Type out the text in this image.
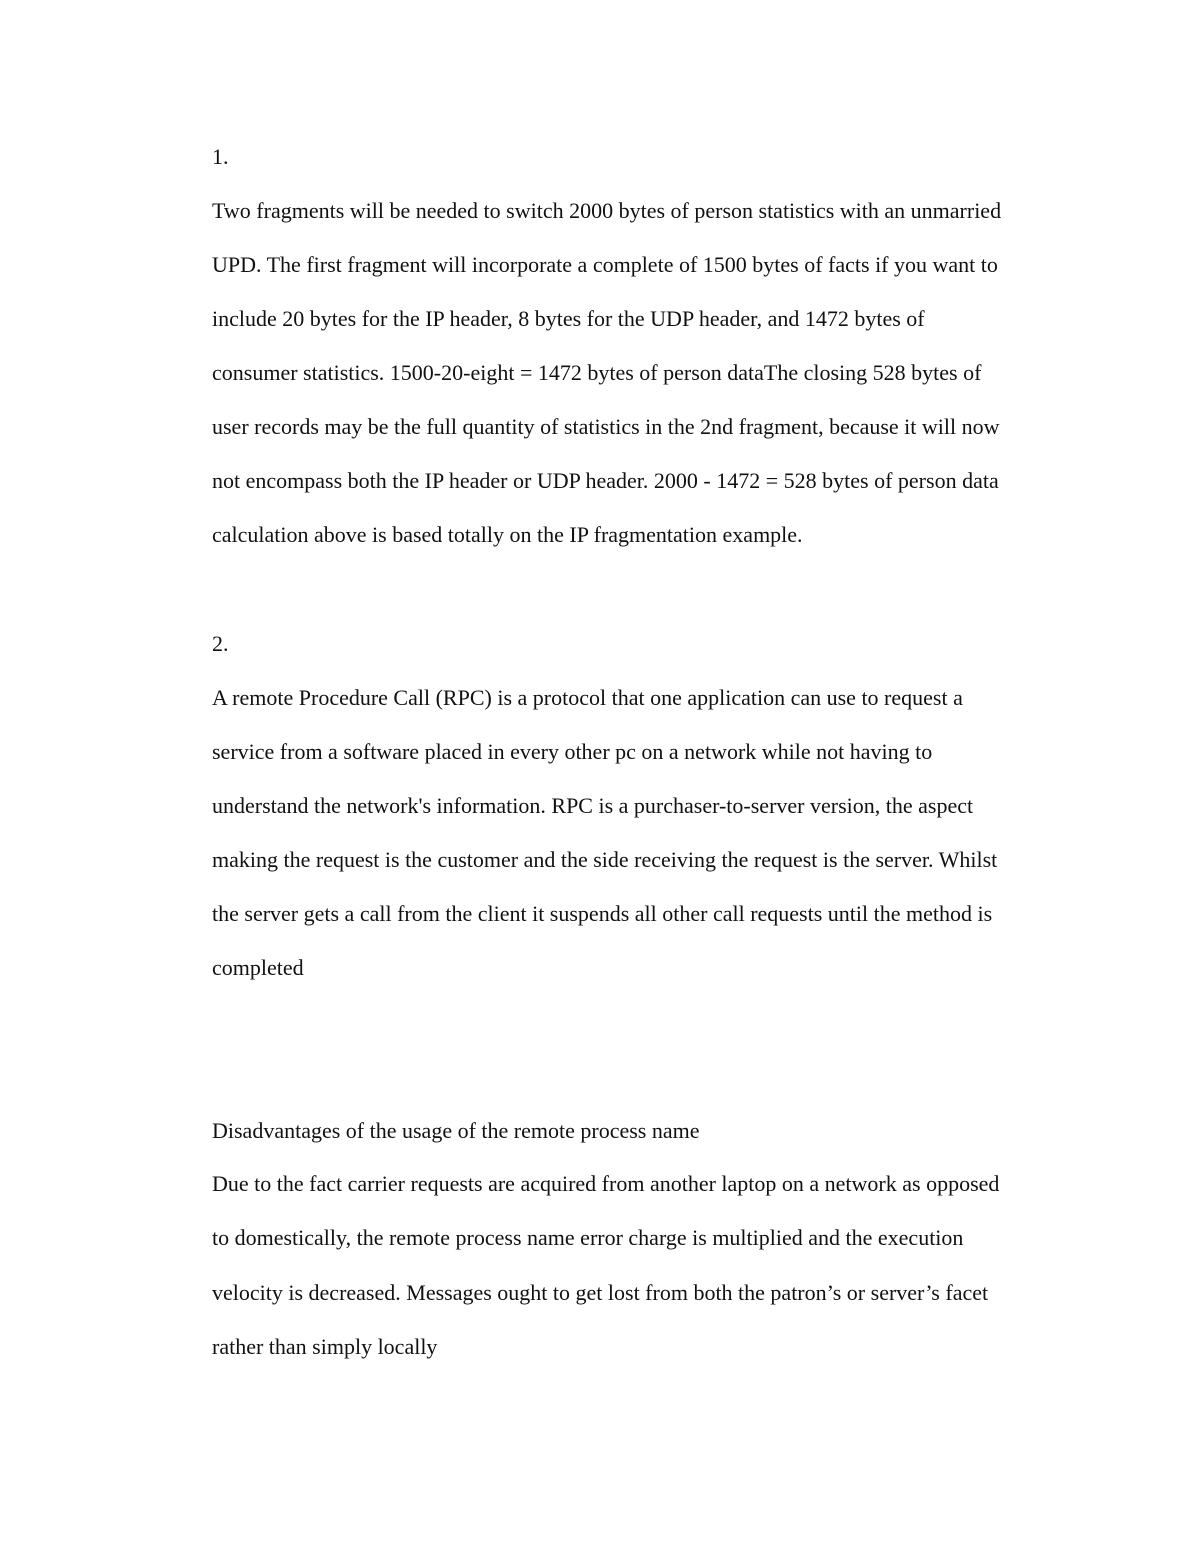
1.

Two fragments will be needed to switch 2000 bytes of person statistics with an unmarried

UPD. The first fragment will incorporate a complete of 1500 bytes of facts if you want to

include 20 bytes for the IP header, 8 bytes for the UDP header, and 1472 bytes of

consumer statistics. 1500-20-eight = 1472 bytes of person dataThe closing 528 bytes of

user records may be the full quantity of statistics in the 2nd fragment, because it will now

not encompass both the IP header or UDP header. 2000 - 1472 = 528 bytes of person data

calculation above is based totally on the IP fragmentation example.

2.

A remote Procedure Call (RPC) is a protocol that one application can use to request a

service from a software placed in every other pc on a network while not having to

understand the network's information. RPC is a purchaser-to-server version, the aspect

making the request is the customer and the side receiving the request is the server. Whilst

the server gets a call from the client it suspends all other call requests until the method is

completed

Disadvantages of the usage of the remote process name

Due to the fact carrier requests are acquired from another laptop on a network as opposed

to domestically, the remote process name error charge is multiplied and the execution

velocity is decreased. Messages ought to get lost from both the patron’s or server’s facet

rather than simply locally
